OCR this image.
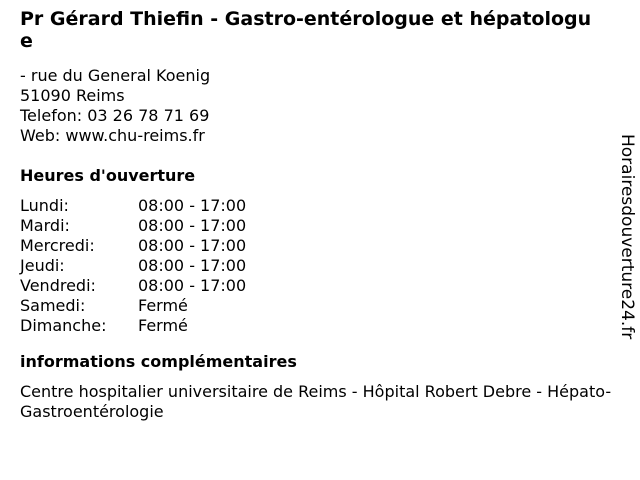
Pr Gérard Thiefin - Gastro-entérologue et hépatologue
- rue du General Koenig
51090 Reims
Telefon: 03 26 78 71 69
Web: www.chu-reims.fr
Heures d'ouverture
Lundi:	08:00 - 17:00
Mardi:	08:00 - 17:00
Mercredi:	08:00 - 17:00
Jeudi:	08:00 - 17:00
Vendredi:	08:00 - 17:00
Samedi:	Fermé
Dimanche:	Fermé
informations complémentaires
Centre hospitalier universitaire de Reims - Hôpital Robert Debre - Hépato-Gastroentérologie
Horairesdouverture24.fr
